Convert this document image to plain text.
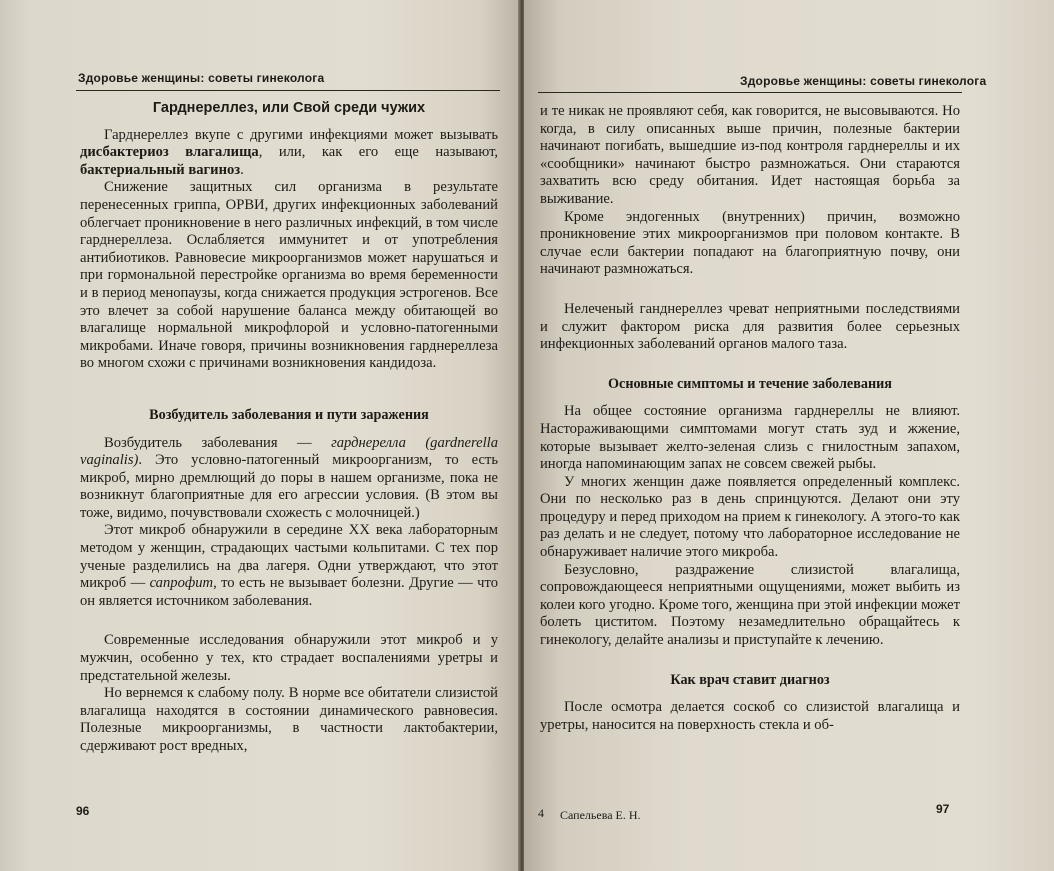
Здоровье женщины: советы гинеколога
Гарднереллез, или Свой среди чужих

Гарднереллез вкупе с другими инфекциями может вызывать дисбактериоз влагалища, или, как его еще называют, бактериальный вагиноз.

Снижение защитных сил организма в результате перенесенных гриппа, ОРВИ, других инфекционных заболеваний облегчает проникновение в него различных инфекций, в том числе гарднереллеза. Ослабляется иммунитет и от употребления антибиотиков. Равновесие микроорганизмов может нарушаться и при гормональной перестройке организма во время беременности и в период менопаузы, когда снижается продукция эстрогенов. Все это влечет за собой нарушение баланса между обитающей во влагалище нормальной микрофлорой и условно-патогенными микробами. Иначе говоря, причины возникновения гарднереллеза во многом схожи с причинами возникновения кандидоза.

Возбудитель заболевания и пути заражения

Возбудитель заболевания — гарднерелла (gardnerella vaginalis). Это условно-патогенный микроорганизм, то есть микроб, мирно дремлющий до поры в нашем организме, пока не возникнут благоприятные для его агрессии условия. (В этом вы тоже, видимо, почувствовали схожесть с молочницей.)

Этот микроб обнаружили в середине XX века лабораторным методом у женщин, страдающих частыми кольпитами. С тех пор ученые разделились на два лагеря. Одни утверждают, что этот микроб — сапрофит, то есть не вызывает болезни. Другие — что он является источником заболевания.

Современные исследования обнаружили этот микроб и у мужчин, особенно у тех, кто страдает воспалениями уретры и предстательной железы.

Но вернемся к слабому полу. В норме все обитатели слизистой влагалища находятся в состоянии динамического равновесия. Полезные микроорганизмы, в частности лактобактерии, сдерживают рост вредных,

96
Здоровье женщины: советы гинеколога

и те никак не проявляют себя, как говорится, не высовываются. Но когда, в силу описанных выше причин, полезные бактерии начинают погибать, вышедшие из-под контроля гарднереллы и их «сообщники» начинают быстро размножаться. Они стараются захватить всю среду обитания. Идет настоящая борьба за выживание.

Кроме эндогенных (внутренних) причин, возможно проникновение этих микроорганизмов при половом контакте. В случае если бактерии попадают на благоприятную почву, они начинают размножаться.

Нелеченый ганднереллез чреват неприятными последствиями и служит фактором риска для развития более серьезных инфекционных заболеваний органов малого таза.

Основные симптомы и течение заболевания

На общее состояние организма гарднереллы не влияют. Настораживающими симптомами могут стать зуд и жжение, которые вызывает желто-зеленая слизь с гнилостным запахом, иногда напоминающим запах не совсем свежей рыбы.

У многих женщин даже появляется определенный комплекс. Они по несколько раз в день спринцуются. Делают они эту процедуру и перед приходом на прием к гинекологу. А этого-то как раз делать и не следует, потому что лабораторное исследование не обнаруживает наличие этого микроба.

Безусловно, раздражение слизистой влагалища, сопровождающееся неприятными ощущениями, может выбить из колеи кого угодно. Кроме того, женщина при этой инфекции может болеть циститом. Поэтому незамедлительно обращайтесь к гинекологу, делайте анализы и приступайте к лечению.

Как врач ставит диагноз

После осмотра делается соскоб со слизистой влагалища и уретры, наносится на поверхность стекла и об-

4 Сапельева Е. Н.	97
